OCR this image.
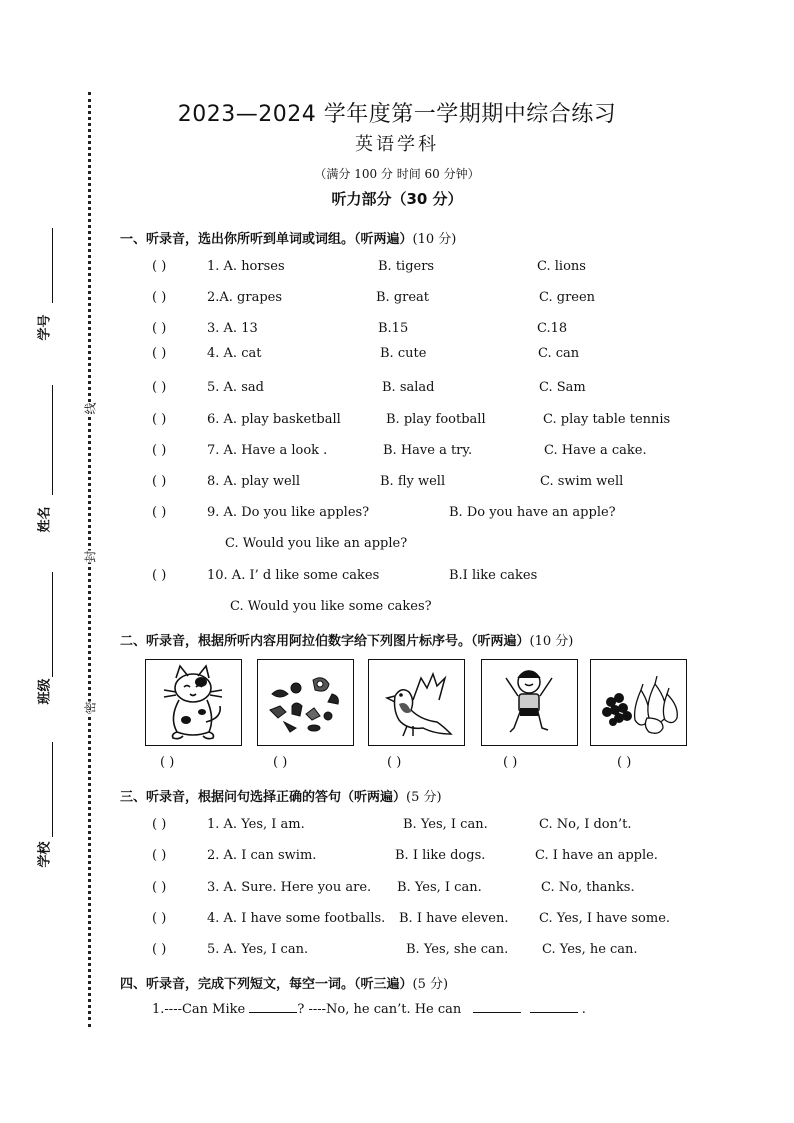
学号
姓名
班级
学校
线
封
密
2023—2024 学年度第一学期期中综合练习
英语学科
（满分 100 分 时间 60 分钟）
听力部分（30 分）
一、听录音，选出你所听到单词或词组。（听两遍）(10 分)
( )	1. A. horses	B. tigers	C. lions
( )	2.A. grapes	B. great	C. green
( )	3. A. 13	B.15	C.18
( )	4. A. cat	B. cute	C. can
( )	5. A. sad	B. salad	C. Sam
( )	6. A. play basketball	B. play football	C. play table tennis
( )	7. A. Have a look .	B. Have a try.	C. Have a cake.
( )	8. A. play well	B. fly well	C. swim well
( )	9. A. Do you like apples?	B. Do you have an apple?
C. Would you like an apple?
( )	10. A. I’ d like some cakes	B.I like cakes
C. Would you like some cakes?
二、听录音，根据所听内容用阿拉伯数字给下列图片标序号。（听两遍）(10 分)
( )	( )	( )	( )	( )
三、听录音，根据问句选择正确的答句（听两遍）(5 分)
( )	1. A. Yes, I am.	B. Yes, I can.	C. No, I don’t.
( )	2. A. I can swim.	B. I like dogs.	C. I have an apple.
( )	3. A. Sure. Here you are. B. Yes, I can.	C. No, thanks.
( )	4. A. I have some footballs. B. I have eleven. C. Yes, I have some.
( )	5. A. Yes, I can.	B. Yes, she can.	C. Yes, he can.
四、听录音，完成下列短文，每空一词。（听三遍）(5 分)
1.----Can Mike	? ----No, he can’t. He can	.
